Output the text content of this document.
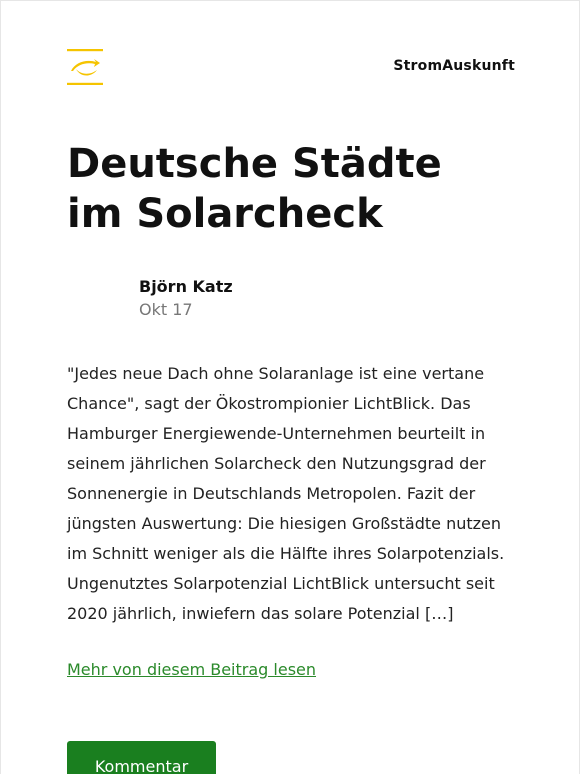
StromAuskunft
Deutsche Städte
im Solarcheck
Björn Katz
Okt 17

"Jedes neue Dach ohne Solaranlage ist eine vertane Chance", sagt der Ökostrompionier LichtBlick. Das Hamburger Energiewende-Unternehmen beurteilt in seinem jährlichen Solarcheck den Nutzungsgrad der Sonnenergie in Deutschlands Metropolen. Fazit der jüngsten Auswertung: Die hiesigen Großstädte nutzen im Schnitt weniger als die Hälfte ihres Solarpotenzials. Ungenutztes Solarpotenzial LichtBlick untersucht seit 2020 jährlich, inwiefern das solare Potenzial […]

Mehr von diesem Beitrag lesen
Kommentar
